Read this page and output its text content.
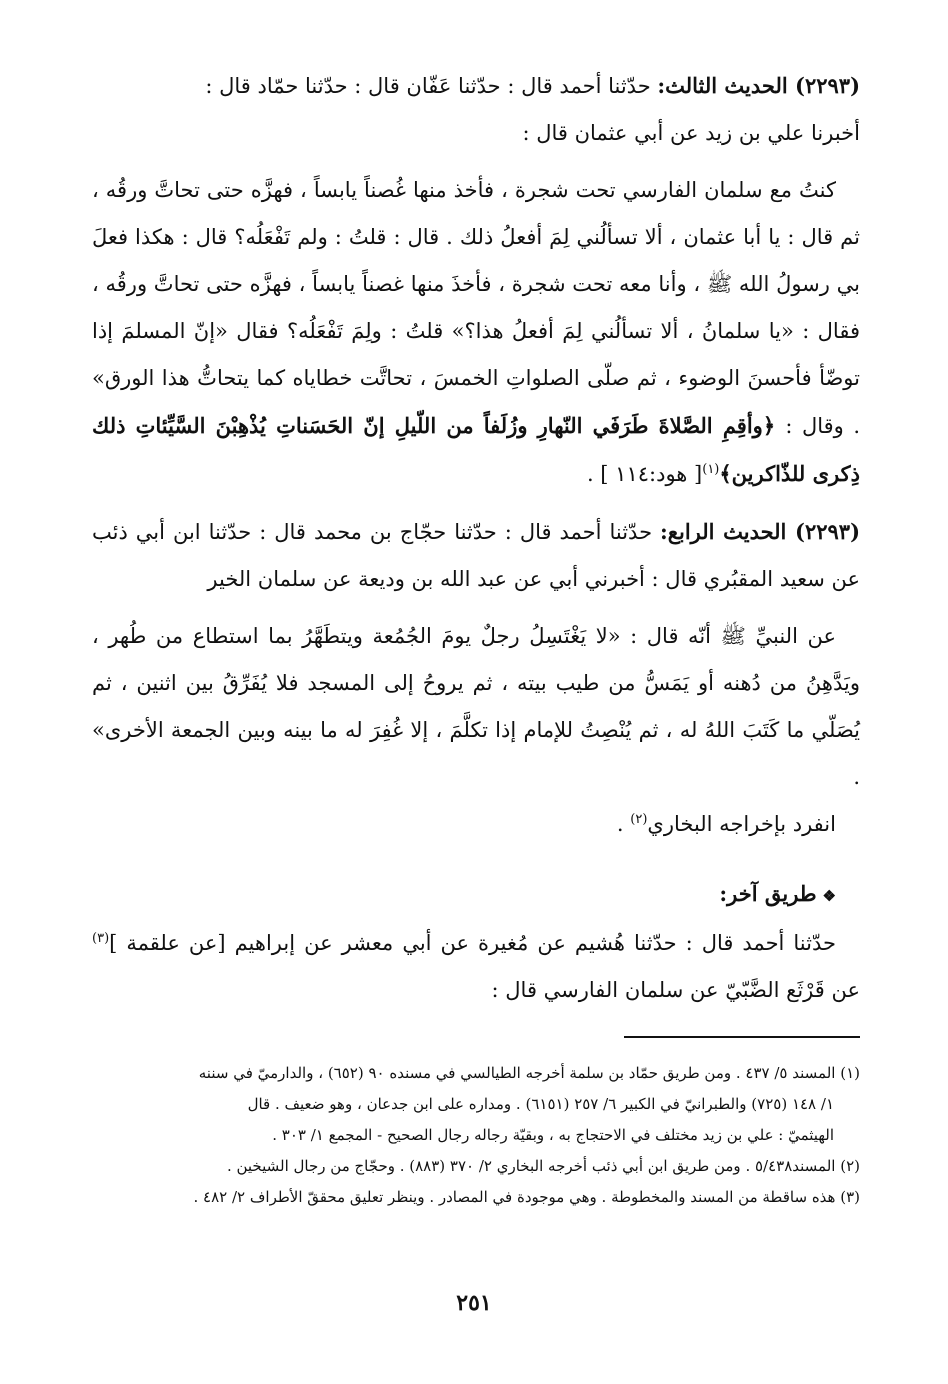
(٢٢٩٣) الحديث الثالث: حدّثنا أحمد قال : حدّثنا عَفّان قال : حدّثنا حمّاد قال :

أخبرنا علي بن زيد عن أبي عثمان قال :

كنتُ مع سلمان الفارسي تحت شجرة ، فأخذ منها غُصناً يابساً ، فهزَّه حتى تحاتَّ ورقُه ، ثم قال : يا أبا عثمان ، ألا تسألُني لِمَ أفعلُ ذلك . قال : قلتُ : ولم تَفْعَلُه؟ قال : هكذا فعلَ بي رسولُ الله ﷺ ، وأنا معه تحت شجرة ، فأخذَ منها غصناً يابساً ، فهزَّه حتى تحاتَّ ورقُه ، فقال : «يا سلمانُ ، ألا تسألُني لِمَ أفعلُ هذا؟» قلتُ : ولِمَ تَفْعَلُه؟ فقال «إنّ المسلمَ إذا توضّأ فأحسنَ الوضوء ، ثم صلّى الصلواتِ الخمسَ ، تحاتَّت خطاياه كما يتحاتُّ هذا الورق» . وقال : ﴿وأقِمِ الصَّلاةَ طَرَفَي النّهارِ وزُلَفاً من اللّيلِ إنّ الحَسَناتِ يُذْهِبْنَ السَّيِّئاتِ ذلك ذِكرى للذّاكرين﴾$^{(١)}$[ هود:١١٤ ] .

(٢٢٩٣) الحديث الرابع: حدّثنا أحمد قال : حدّثنا حجّاج بن محمد قال : حدّثنا ابن أبي ذئب عن سعيد المقبُري قال : أخبرني أبي عن عبد الله بن وديعة عن سلمان الخير

عن النبيِّ ﷺ أنّه قال : «لا يَغْتَسِلُ رجلٌ يومَ الجُمُعة ويتطَهَّرُ بما استطاع من طُهر ، ويَدَّهِنُ من دُهنه أو يَمَسُّ من طيب بيته ، ثم يروحُ إلى المسجد فلا يُفَرِّقُ بين اثنين ، ثم يُصَلّي ما كَتَبَ اللهُ له ، ثم يُنْصِتُ للإمام إذا تكلَّمَ ، إلا غُفِرَ له ما بينه وبين الجمعة الأخرى» .

انفرد بإخراجه البخاري$^{(٢)}$ .

❖طريق آخر:

حدّثنا أحمد قال : حدّثنا هُشيم عن مُغيرة عن أبي معشر عن إبراهيم [عن علقمة ]$^{(٣)}$ عن قَرْثَع الضَّبّيّ عن سلمان الفارسي قال :

(١) المسند ٥/ ٤٣٧ . ومن طريق حمّاد بن سلمة أخرجه الطيالسي في مسنده ٩٠ (٦٥٢) ، والدارميّ في سننه

١/ ١٤٨ (٧٢٥) والطبرانيّ في الكبير ٦/ ٢٥٧ (٦١٥١) . ومداره على ابن جدعان ، وهو ضعيف . قال

الهيثميّ : علي بن زيد مختلف في الاحتجاج به ، وبقيّة رجاله رجال الصحيح - المجمع ١/ ٣٠٣ .

(٢) المسند٥/٤٣٨ . ومن طريق ابن أبي ذئب أخرجه البخاري ٢/ ٣٧٠ (٨٨٣) . وحجّاج من رجال الشيخين .

(٣) هذه ساقطة من المسند والمخطوطة . وهي موجودة في المصادر . وينظر تعليق محققّ الأطراف ٢/ ٤٨٢ .

٢٥١
